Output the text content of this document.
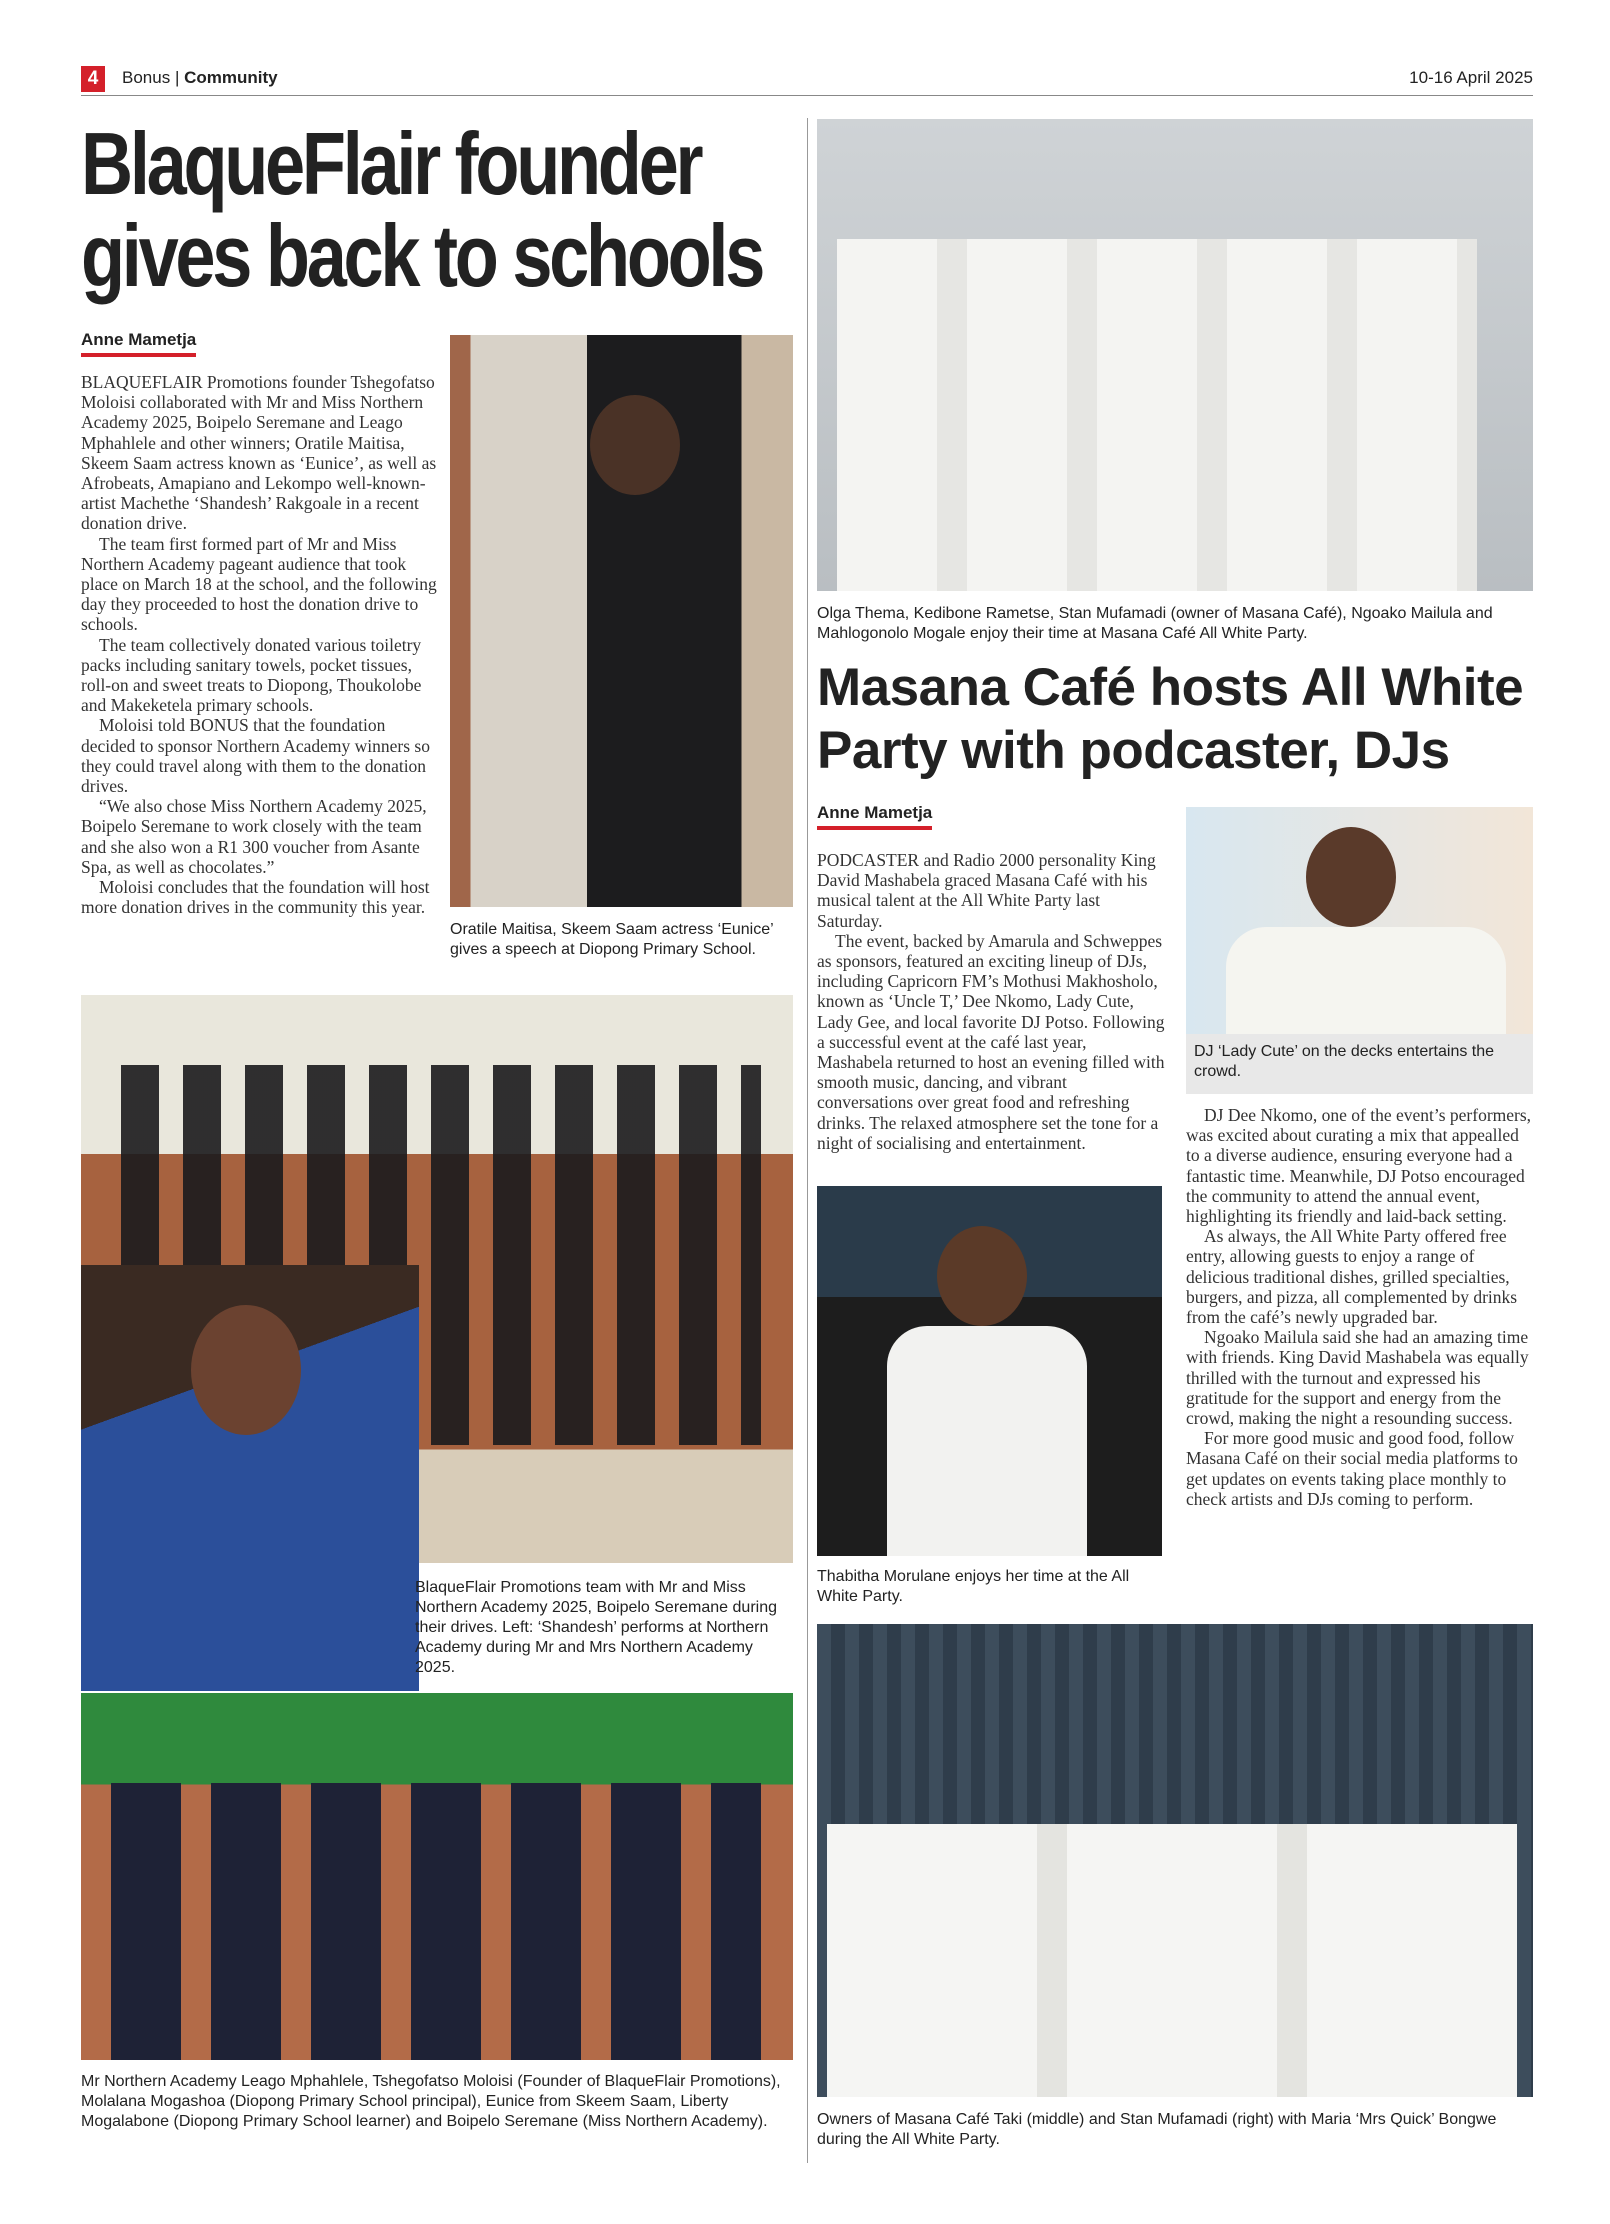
4	Bonus | Community	10-16 April 2025
BlaqueFlair founder gives back to schools
Anne Mametja

BLAQUEFLAIR Promotions founder Tshegofatso Moloisi collaborated with Mr and Miss Northern Academy 2025, Boipelo Seremane and Leago Mphahlele and other winners; Oratile Maitisa, Skeem Saam actress known as ‘Eunice’, as well as Afrobeats, Amapiano and Lekompo well-known-artist Machethe ‘Shandesh’ Rakgoale in a recent donation drive.

The team first formed part of Mr and Miss Northern Academy pageant audience that took place on March 18 at the school, and the following day they proceeded to host the donation drive to schools.

The team collectively donated various toiletry packs including sanitary towels, pocket tissues, roll-on and sweet treats to Diopong, Thoukolobe and Makeketela primary schools.

Moloisi told BONUS that the foundation decided to sponsor Northern Academy winners so they could travel along with them to the donation drives.

“We also chose Miss Northern Academy 2025, Boipelo Seremane to work closely with the team and she also won a R1 300 voucher from Asante Spa, as well as chocolates.”

Moloisi concludes that the foundation will host more donation drives in the community this year.

Oratile Maitisa, Skeem Saam actress ‘Eunice’ gives a speech at Diopong Primary School.
BlaqueFlair Promotions team with Mr and Miss Northern Academy 2025, Boipelo Seremane during their drives. Left: ‘Shandesh’ performs at Northern Academy during Mr and Mrs Northern Academy 2025.
Mr Northern Academy Leago Mphahlele, Tshegofatso Moloisi (Founder of BlaqueFlair Promotions), Molalana Mogashoa (Diopong Primary School principal), Eunice from Skeem Saam, Liberty Mogalabone (Diopong Primary School learner) and Boipelo Seremane (Miss Northern Academy).
Olga Thema, Kedibone Rametse, Stan Mufamadi (owner of Masana Café), Ngoako Mailula and Mahlogonolo Mogale enjoy their time at Masana Café All White Party.
Masana Café hosts All White Party with podcaster, DJs
Anne Mametja

PODCASTER and Radio 2000 personality King David Mashabela graced Masana Café with his musical talent at the All White Party last Saturday.

The event, backed by Amarula and Schweppes as sponsors, featured an exciting lineup of DJs, including Capricorn FM’s Mothusi Makhosholo, known as ‘Uncle T,’ Dee Nkomo, Lady Cute, Lady Gee, and local favorite DJ Potso. Following a successful event at the café last year, Mashabela returned to host an evening filled with smooth music, dancing, and vibrant conversations over great food and refreshing drinks. The relaxed atmosphere set the tone for a night of socialising and entertainment.

DJ ‘Lady Cute’ on the decks entertains the crowd.

DJ Dee Nkomo, one of the event’s performers, was excited about curating a mix that appealled to a diverse audience, ensuring everyone had a fantastic time. Meanwhile, DJ Potso encouraged the community to attend the annual event, highlighting its friendly and laid-back setting.

As always, the All White Party offered free entry, allowing guests to enjoy a range of delicious traditional dishes, grilled specialties, burgers, and pizza, all complemented by drinks from the café’s newly upgraded bar.

Ngoako Mailula said she had an amazing time with friends. King David Mashabela was equally thrilled with the turnout and expressed his gratitude for the support and energy from the crowd, making the night a resounding success.

For more good music and good food, follow Masana Café on their social media platforms to get updates on events taking place monthly to check artists and DJs coming to perform.

Thabitha Morulane enjoys her time at the All White Party.
Owners of Masana Café Taki (middle) and Stan Mufamadi (right) with Maria ‘Mrs Quick’ Bongwe during the All White Party.
